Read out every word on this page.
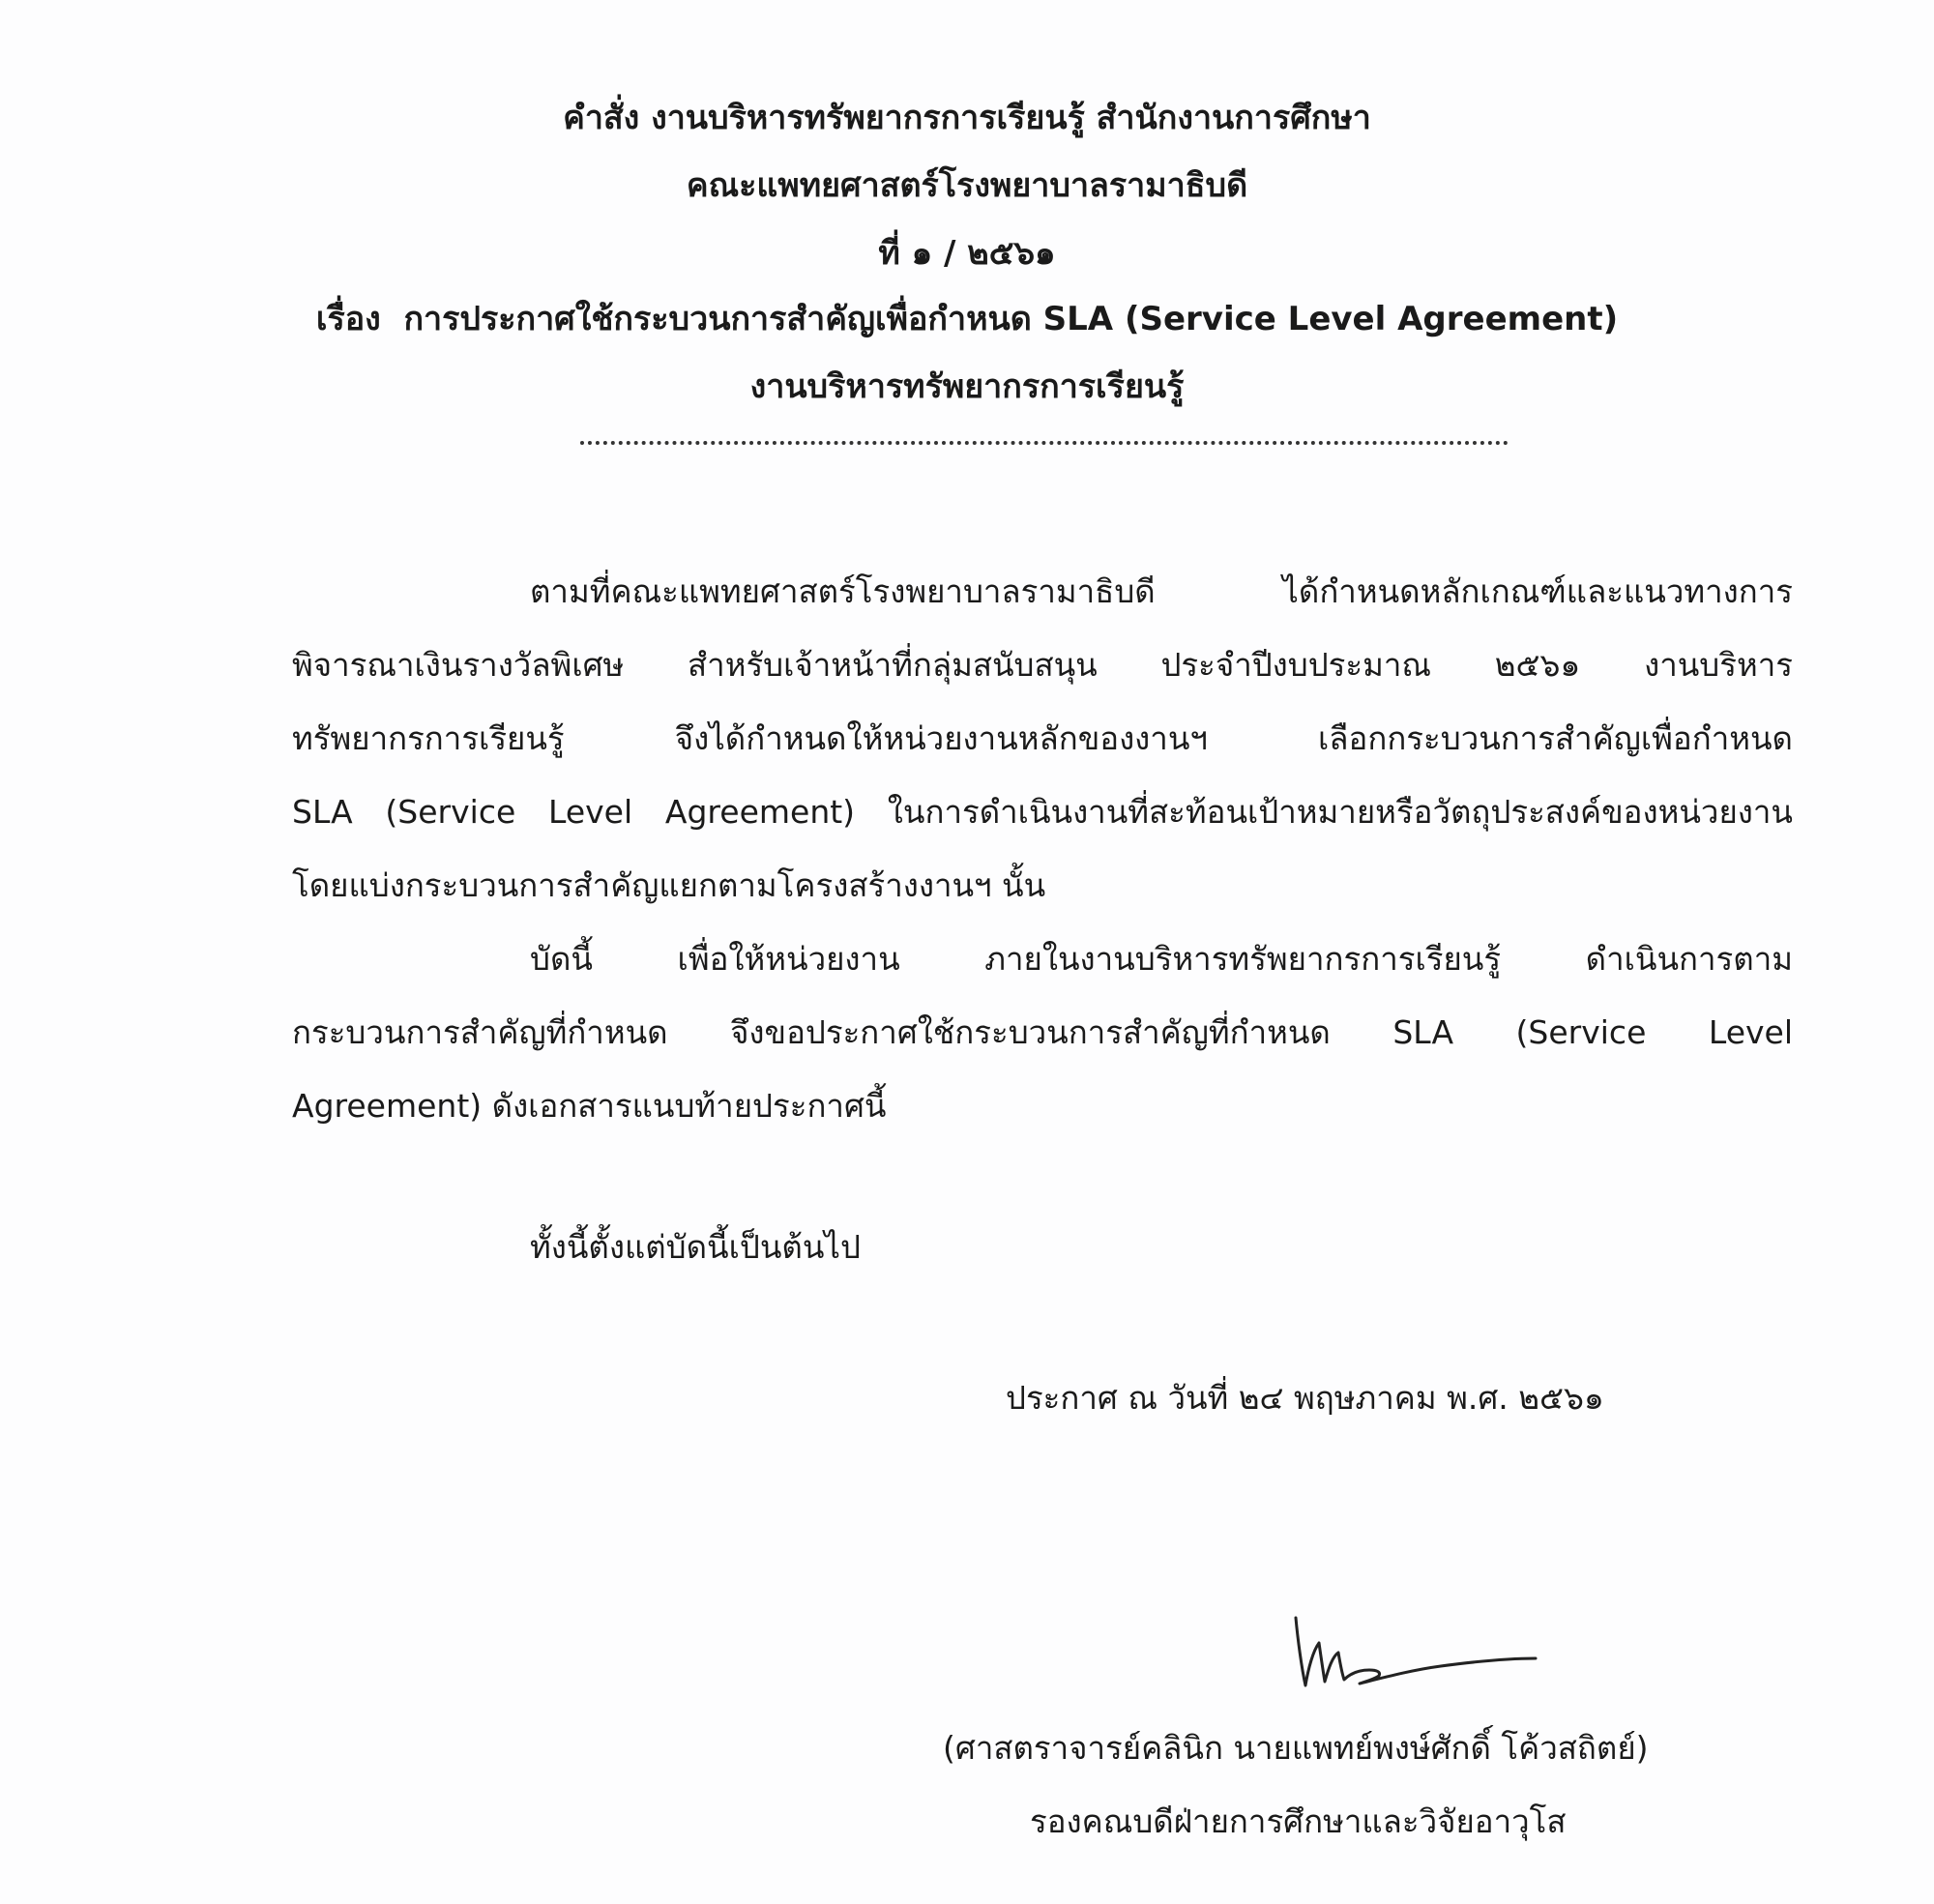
คำสั่ง งานบริหารทรัพยากรการเรียนรู้ สำนักงานการศึกษา
คณะแพทยศาสตร์โรงพยาบาลรามาธิบดี
ที่ ๑ / ๒๕๖๑
เรื่อง การประกาศใช้กระบวนการสำคัญเพื่อกำหนด SLA (Service Level Agreement)
งานบริหารทรัพยากรการเรียนรู้
ตามที่คณะแพทยศาสตร์โรงพยาบาลรามาธิบดี ได้กำหนดหลักเกณฑ์และแนวทางการ
พิจารณาเงินรางวัลพิเศษ สำหรับเจ้าหน้าที่กลุ่มสนับสนุน ประจำปีงบประมาณ ๒๕๖๑ งานบริหาร
ทรัพยากรการเรียนรู้ จึงได้กำหนดให้หน่วยงานหลักของงานฯ เลือกกระบวนการสำคัญเพื่อกำหนด
SLA (Service Level Agreement) ในการดำเนินงานที่สะท้อนเป้าหมายหรือวัตถุประสงค์ของหน่วยงาน
โดยแบ่งกระบวนการสำคัญแยกตามโครงสร้างงานฯ นั้น
บัดนี้ เพื่อให้หน่วยงาน ภายในงานบริหารทรัพยากรการเรียนรู้ ดำเนินการตาม
กระบวนการสำคัญที่กำหนด จึงขอประกาศใช้กระบวนการสำคัญที่กำหนด SLA (Service Level
Agreement) ดังเอกสารแนบท้ายประกาศนี้
ทั้งนี้ตั้งแต่บัดนี้เป็นต้นไป
ประกาศ ณ วันที่ ๒๔ พฤษภาคม พ.ศ. ๒๕๖๑
(ศาสตราจารย์คลินิก นายแพทย์พงษ์ศักดิ์ โค้วสถิตย์)
รองคณบดีฝ่ายการศึกษาและวิจัยอาวุโส
